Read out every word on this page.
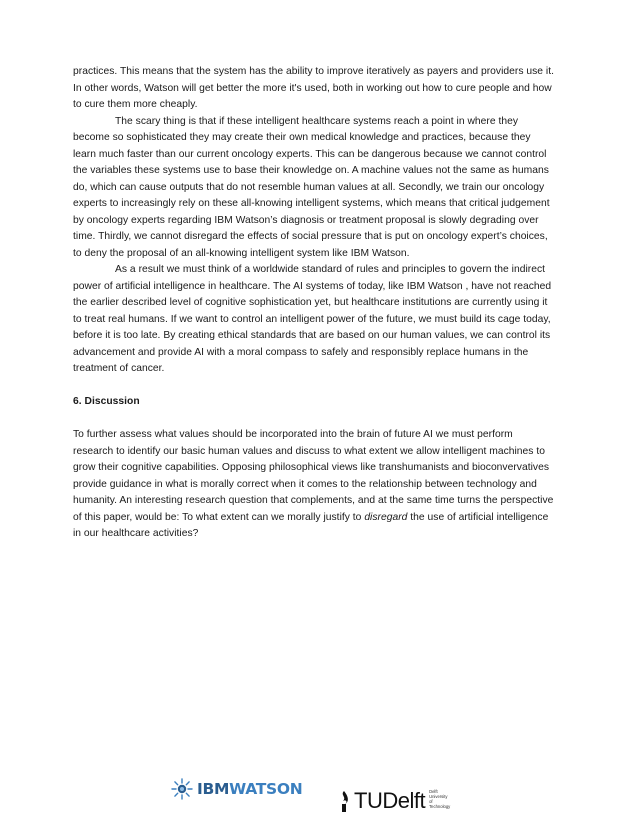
practices. This means that the system has the ability to improve iteratively as payers and providers use it. In other words, Watson will get better the more it's used, both in working out how to cure people and how to cure them more cheaply.

The scary thing is that if these intelligent healthcare systems reach a point in where they become so sophisticated they may create their own medical knowledge and practices, because they learn much faster than our current oncology experts. This can be dangerous because we cannot control the variables these systems use to base their knowledge on. A machine values not the same as humans do, which can cause outputs that do not resemble human values at all. Secondly, we train our oncology experts to increasingly rely on these all-knowing intelligent systems, which means that critical judgement by oncology experts regarding IBM Watson’s diagnosis or treatment proposal is slowly degrading over time. Thirdly, we cannot disregard the effects of social pressure that is put on oncology expert’s choices, to deny the proposal of an all-knowing intelligent system like IBM Watson.

As a result we must think of a worldwide standard of rules and principles to govern the indirect power of artificial intelligence in healthcare. The AI systems of today, like IBM Watson , have not reached the earlier described level of cognitive sophistication yet, but healthcare institutions are currently using it to treat real humans. If we want to control an intelligent power of the future, we must build its cage today, before it is too late. By creating ethical standards that are based on our human values, we can control its advancement and provide AI with a moral compass to safely and responsibly replace humans in the treatment of cancer.

6. Discussion

To further assess what values should be incorporated into the brain of future AI we must perform research to identify our basic human values and discuss to what extent we allow intelligent machines to grow their cognitive capabilities. Opposing philosophical views like transhumanists and bioconvervatives provide guidance in what is morally correct when it comes to the relationship between technology and humanity. An interesting research question that complements, and at the same time turns the perspective of this paper, would be: To what extent can we morally justify to disregard the use of artificial intelligence in our healthcare activities?

IBMWATSON TUDelft Delft University of Technology
